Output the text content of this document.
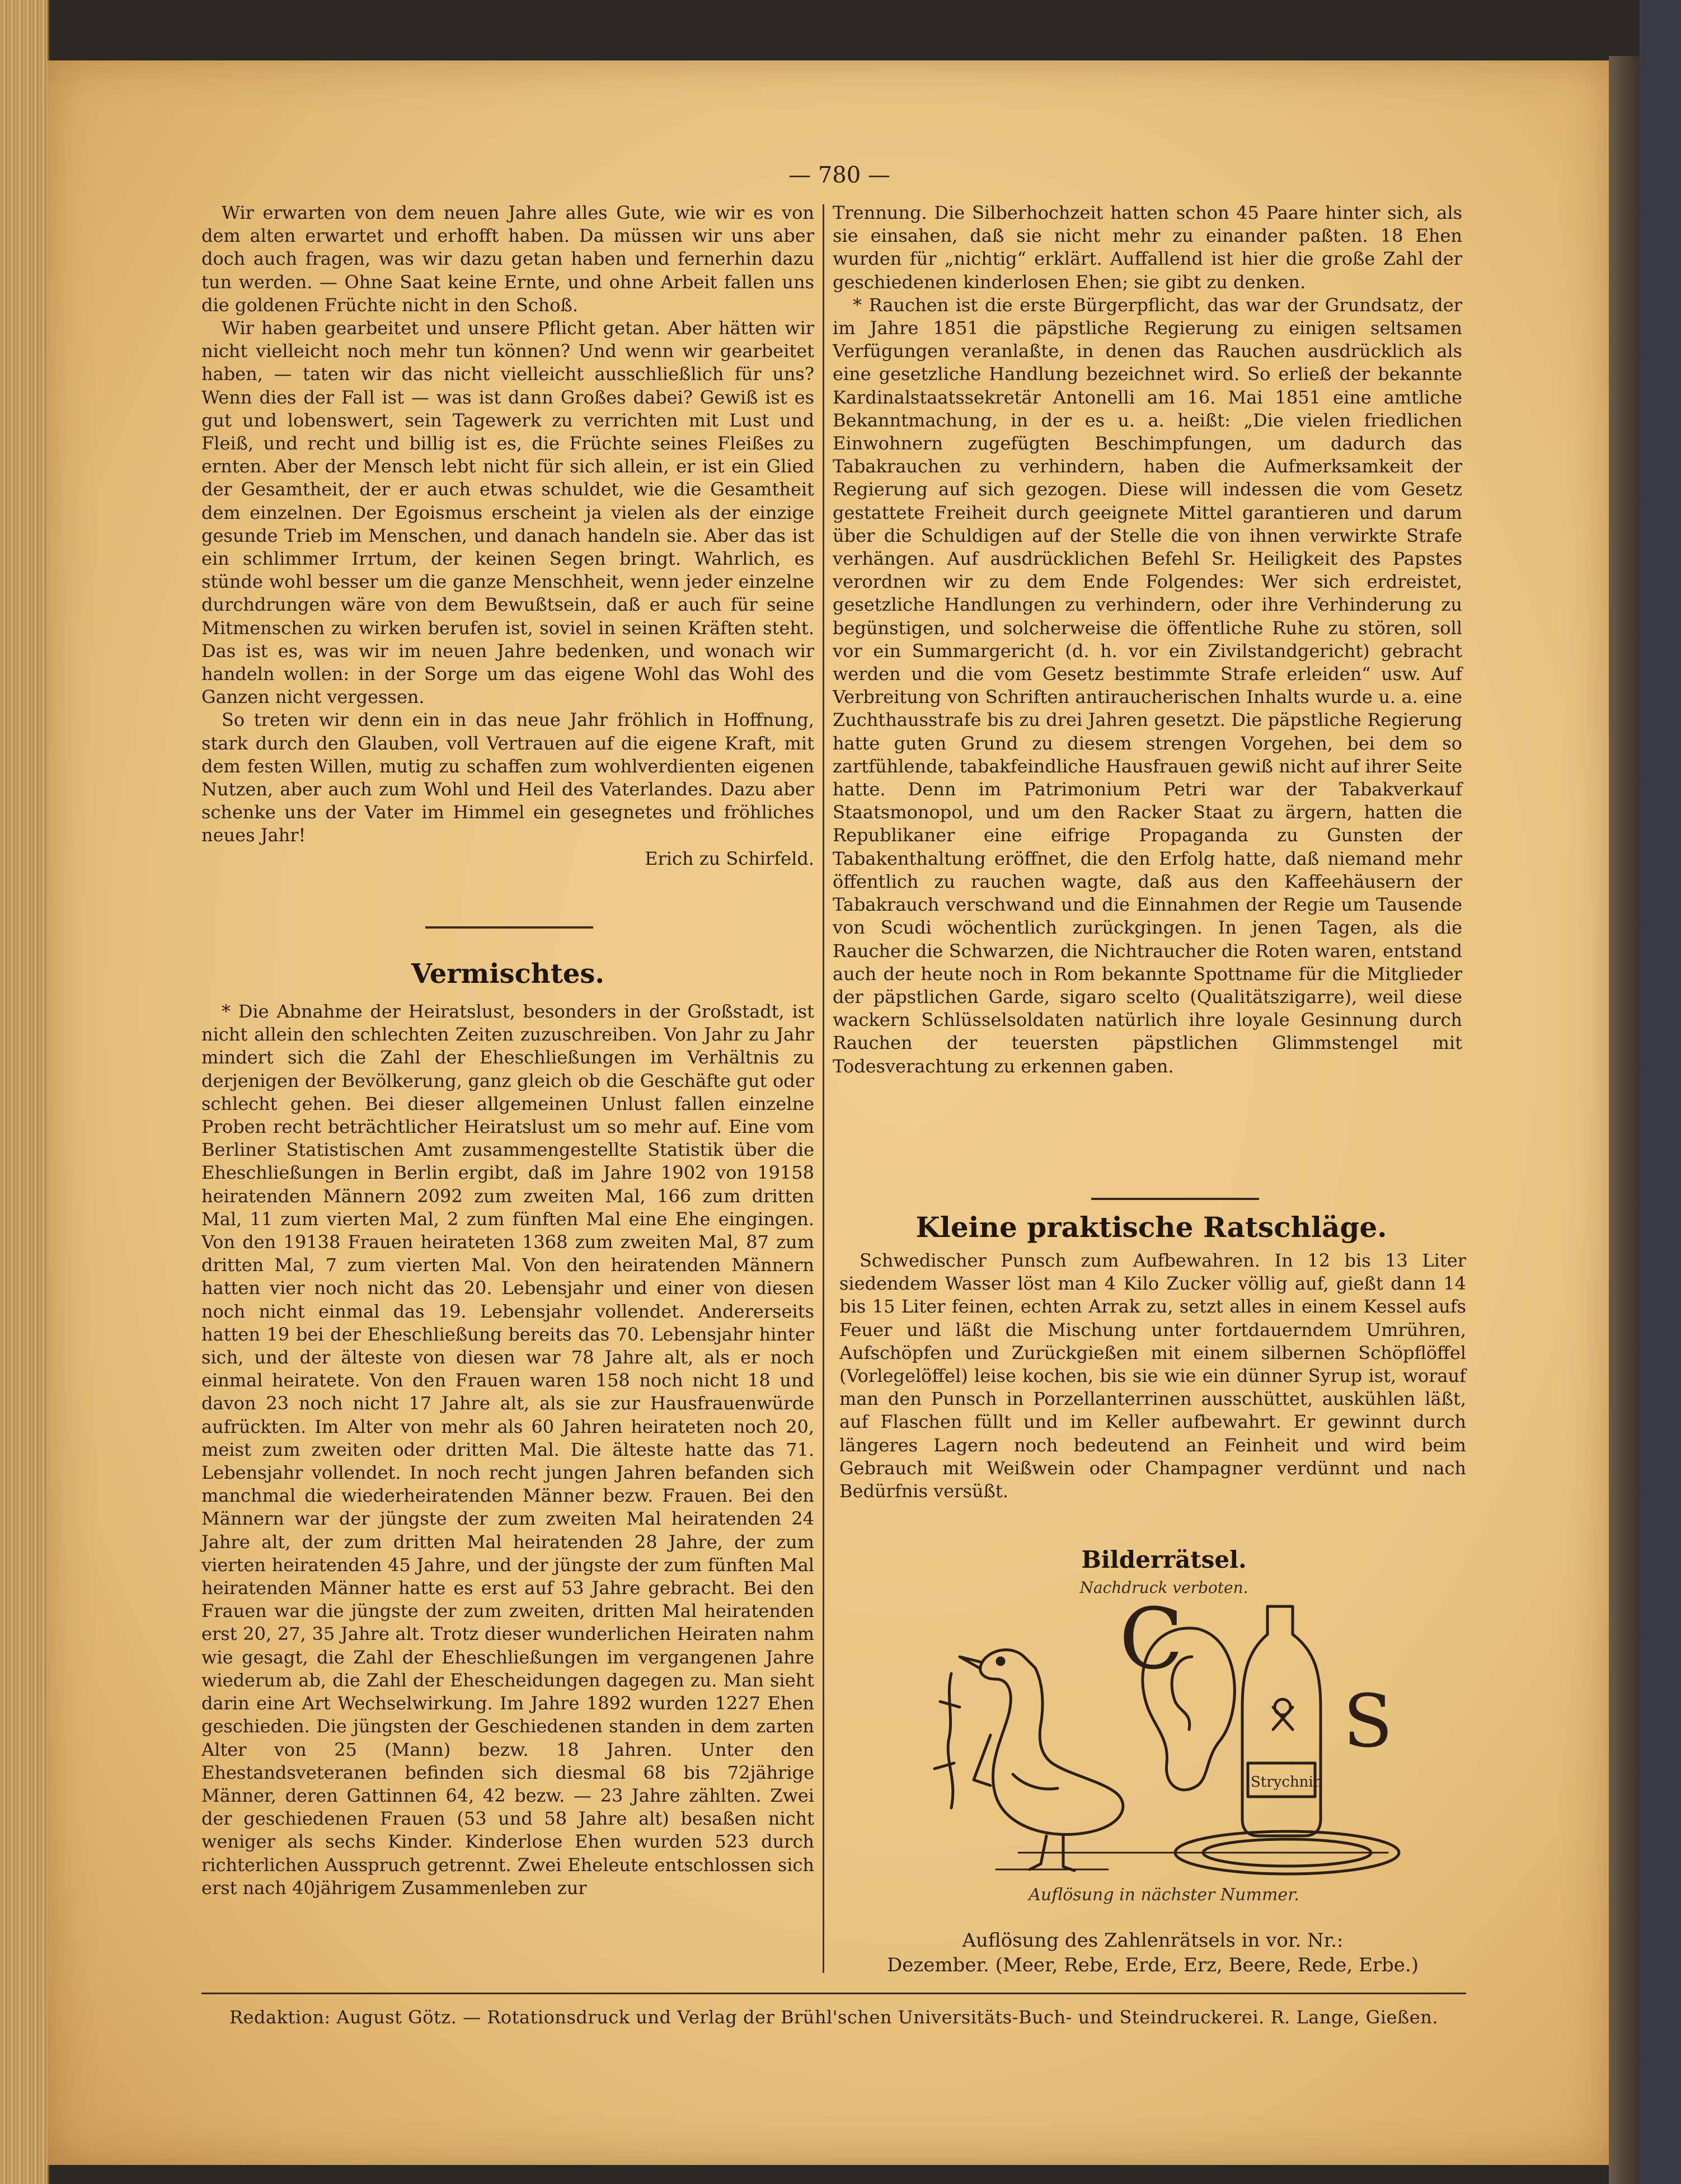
— 780 —

Wir erwarten von dem neuen Jahre alles Gute, wie wir es von dem alten erwartet und erhofft haben. Da müssen wir uns aber doch auch fragen, was wir dazu getan haben und fernerhin dazu tun werden. — Ohne Saat keine Ernte, und ohne Arbeit fallen uns die goldenen Früchte nicht in den Schoß.

Wir haben gearbeitet und unsere Pflicht getan. Aber hätten wir nicht vielleicht noch mehr tun können? Und wenn wir gearbeitet haben, — taten wir das nicht vielleicht ausschließlich für uns? Wenn dies der Fall ist — was ist dann Großes dabei? Gewiß ist es gut und lobenswert, sein Tagewerk zu verrichten mit Lust und Fleiß, und recht und billig ist es, die Früchte seines Fleißes zu ernten. Aber der Mensch lebt nicht für sich allein, er ist ein Glied der Gesamtheit, der er auch etwas schuldet, wie die Gesamtheit dem einzelnen. Der Egoismus erscheint ja vielen als der einzige gesunde Trieb im Menschen, und danach handeln sie. Aber das ist ein schlimmer Irrtum, der keinen Segen bringt. Wahrlich, es stünde wohl besser um die ganze Menschheit, wenn jeder einzelne durchdrungen wäre von dem Bewußtsein, daß er auch für seine Mitmenschen zu wirken berufen ist, soviel in seinen Kräften steht. Das ist es, was wir im neuen Jahre bedenken, und wonach wir handeln wollen: in der Sorge um das eigene Wohl das Wohl des Ganzen nicht vergessen.

So treten wir denn ein in das neue Jahr fröhlich in Hoffnung, stark durch den Glauben, voll Vertrauen auf die eigene Kraft, mit dem festen Willen, mutig zu schaffen zum wohlverdienten eigenen Nutzen, aber auch zum Wohl und Heil des Vaterlandes. Dazu aber schenke uns der Vater im Himmel ein gesegnetes und fröhliches neues Jahr!

Erich zu Schirfeld.
Vermischtes.

* Die Abnahme der Heiratslust, besonders in der Großstadt, ist nicht allein den schlechten Zeiten zuzuschreiben. Von Jahr zu Jahr mindert sich die Zahl der Eheschließungen im Verhältnis zu derjenigen der Bevölkerung, ganz gleich ob die Geschäfte gut oder schlecht gehen. Bei dieser allgemeinen Unlust fallen einzelne Proben recht beträchtlicher Heiratslust um so mehr auf. Eine vom Berliner Statistischen Amt zusammengestellte Statistik über die Eheschließungen in Berlin ergibt, daß im Jahre 1902 von 19158 heiratenden Männern 2092 zum zweiten Mal, 166 zum dritten Mal, 11 zum vierten Mal, 2 zum fünften Mal eine Ehe eingingen. Von den 19138 Frauen heirateten 1368 zum zweiten Mal, 87 zum dritten Mal, 7 zum vierten Mal. Von den heiratenden Männern hatten vier noch nicht das 20. Lebensjahr und einer von diesen noch nicht einmal das 19. Lebensjahr vollendet. Andererseits hatten 19 bei der Eheschließung bereits das 70. Lebensjahr hinter sich, und der älteste von diesen war 78 Jahre alt, als er noch einmal heiratete. Von den Frauen waren 158 noch nicht 18 und davon 23 noch nicht 17 Jahre alt, als sie zur Hausfrauenwürde aufrückten. Im Alter von mehr als 60 Jahren heirateten noch 20, meist zum zweiten oder dritten Mal. Die älteste hatte das 71. Lebensjahr vollendet. In noch recht jungen Jahren befanden sich manchmal die wiederheiratenden Männer bezw. Frauen. Bei den Männern war der jüngste der zum zweiten Mal heiratenden 24 Jahre alt, der zum dritten Mal heiratenden 28 Jahre, der zum vierten heiratenden 45 Jahre, und der jüngste der zum fünften Mal heiratenden Männer hatte es erst auf 53 Jahre gebracht. Bei den Frauen war die jüngste der zum zweiten, dritten Mal heiratenden erst 20, 27, 35 Jahre alt. Trotz dieser wunderlichen Heiraten nahm wie gesagt, die Zahl der Eheschließungen im vergangenen Jahre wiederum ab, die Zahl der Ehescheidungen dagegen zu. Man sieht darin eine Art Wechselwirkung. Im Jahre 1892 wurden 1227 Ehen geschieden. Die jüngsten der Geschiedenen standen in dem zarten Alter von 25 (Mann) bezw. 18 Jahren. Unter den Ehestandsveteranen befinden sich diesmal 68 bis 72jährige Männer, deren Gattinnen 64, 42 bezw. — 23 Jahre zählten. Zwei der geschiedenen Frauen (53 und 58 Jahre alt) besaßen nicht weniger als sechs Kinder. Kinderlose Ehen wurden 523 durch richterlichen Ausspruch getrennt. Zwei Eheleute entschlossen sich erst nach 40jährigem Zusammenleben zur

Trennung. Die Silberhochzeit hatten schon 45 Paare hinter sich, als sie einsahen, daß sie nicht mehr zu einander paßten. 18 Ehen wurden für „nichtig“ erklärt. Auffallend ist hier die große Zahl der geschiedenen kinderlosen Ehen; sie gibt zu denken.

* Rauchen ist die erste Bürgerpflicht, das war der Grundsatz, der im Jahre 1851 die päpstliche Regierung zu einigen seltsamen Verfügungen veranlaßte, in denen das Rauchen ausdrücklich als eine gesetzliche Handlung bezeichnet wird. So erließ der bekannte Kardinalstaatssekretär Antonelli am 16. Mai 1851 eine amtliche Bekanntmachung, in der es u. a. heißt: „Die vielen friedlichen Einwohnern zugefügten Beschimpfungen, um dadurch das Tabakrauchen zu verhindern, haben die Aufmerksamkeit der Regierung auf sich gezogen. Diese will indessen die vom Gesetz gestattete Freiheit durch geeignete Mittel garantieren und darum über die Schuldigen auf der Stelle die von ihnen verwirkte Strafe verhängen. Auf ausdrücklichen Befehl Sr. Heiligkeit des Papstes verordnen wir zu dem Ende Folgendes: Wer sich erdreistet, gesetzliche Handlungen zu verhindern, oder ihre Verhinderung zu begünstigen, und solcherweise die öffentliche Ruhe zu stören, soll vor ein Summargericht (d. h. vor ein Zivilstandgericht) gebracht werden und die vom Gesetz bestimmte Strafe erleiden“ usw. Auf Verbreitung von Schriften antiraucherischen Inhalts wurde u. a. eine Zuchthausstrafe bis zu drei Jahren gesetzt. Die päpstliche Regierung hatte guten Grund zu diesem strengen Vorgehen, bei dem so zartfühlende, tabakfeindliche Hausfrauen gewiß nicht auf ihrer Seite hatte. Denn im Patrimonium Petri war der Tabakverkauf Staatsmonopol, und um den Racker Staat zu ärgern, hatten die Republikaner eine eifrige Propaganda zu Gunsten der Tabakenthaltung eröffnet, die den Erfolg hatte, daß niemand mehr öffentlich zu rauchen wagte, daß aus den Kaffeehäusern der Tabakrauch verschwand und die Einnahmen der Regie um Tausende von Scudi wöchentlich zurückgingen. In jenen Tagen, als die Raucher die Schwarzen, die Nichtraucher die Roten waren, entstand auch der heute noch in Rom bekannte Spottname für die Mitglieder der päpstlichen Garde, sigaro scelto (Qualitätszigarre), weil diese wackern Schlüsselsoldaten natürlich ihre loyale Gesinnung durch Rauchen der teuersten päpstlichen Glimmstengel mit Todesverachtung zu erkennen gaben.

Kleine praktische Ratschläge.

Schwedischer Punsch zum Aufbewahren. In 12 bis 13 Liter siedendem Wasser löst man 4 Kilo Zucker völlig auf, gießt dann 14 bis 15 Liter feinen, echten Arrak zu, setzt alles in einem Kessel aufs Feuer und läßt die Mischung unter fortdauerndem Umrühren, Aufschöpfen und Zurückgießen mit einem silbernen Schöpflöffel (Vorlegelöffel) leise kochen, bis sie wie ein dünner Syrup ist, worauf man den Punsch in Porzellanterrinen ausschüttet, auskühlen läßt, auf Flaschen füllt und im Keller aufbewahrt. Er gewinnt durch längeres Lagern noch bedeutend an Feinheit und wird beim Gebrauch mit Weißwein oder Champagner verdünnt und nach Bedürfnis versüßt.

Bilderrätsel.
Nachdruck verboten.
C
S
Strychnin
Auflösung in nächster Nummer.
Auflösung des Zahlenrätsels in vor. Nr.:
Dezember. (Meer, Rebe, Erde, Erz, Beere, Rede, Erbe.)
Redaktion: August Götz. — Rotationsdruck und Verlag der Brühl'schen Universitäts-Buch- und Steindruckerei. R. Lange, Gießen.
